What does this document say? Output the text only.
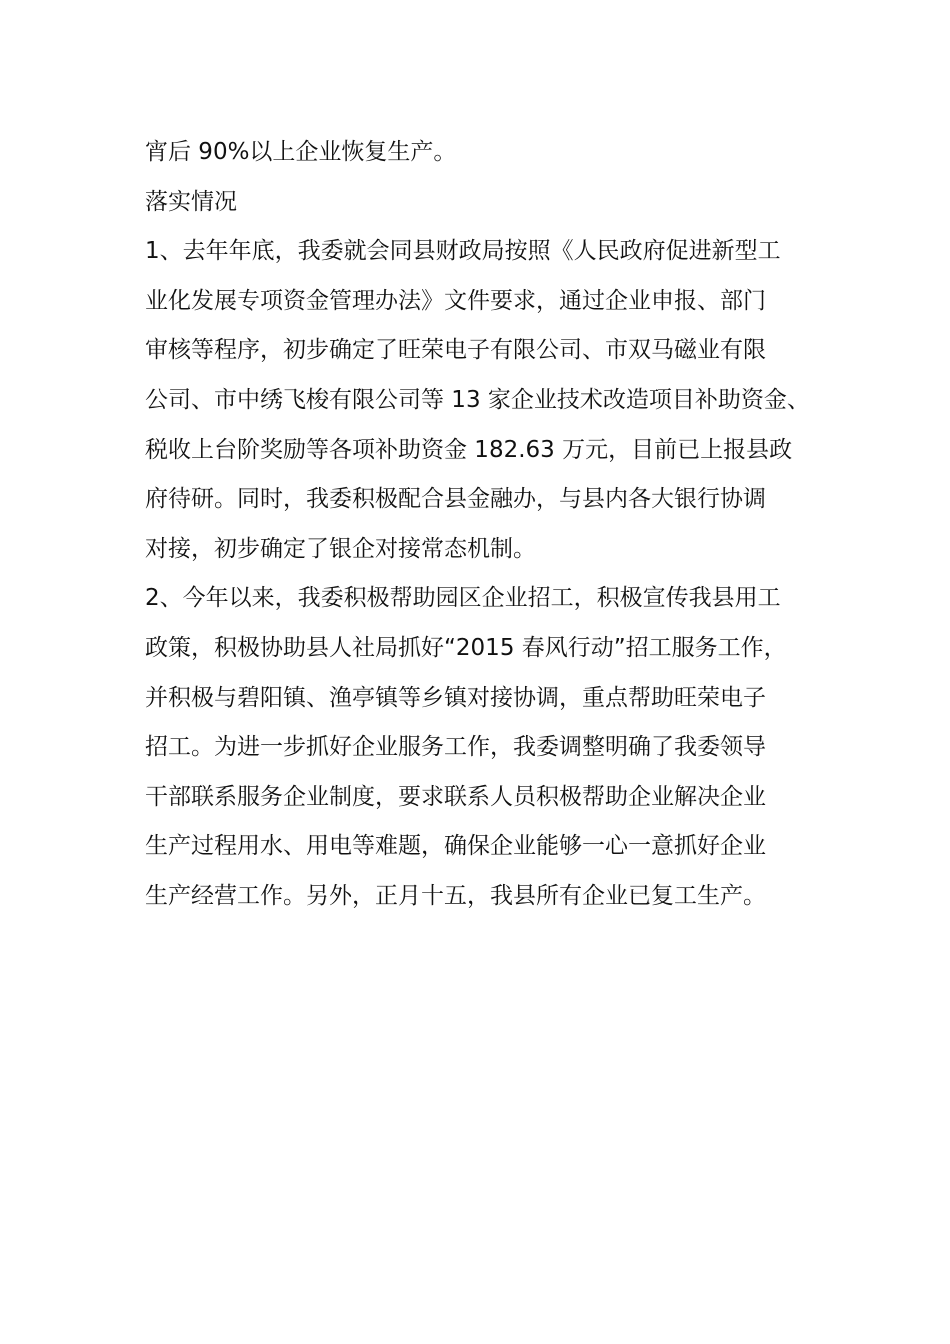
宵后 90%以上企业恢复生产。
落实情况
1、去年年底，我委就会同县财政局按照《人民政府促进新型工
业化发展专项资金管理办法》文件要求，通过企业申报、部门
审核等程序，初步确定了旺荣电子有限公司、市双马磁业有限
公司、市中绣飞梭有限公司等 13 家企业技术改造项目补助资金、
税收上台阶奖励等各项补助资金 182.63 万元，目前已上报县政
府待研。同时，我委积极配合县金融办，与县内各大银行协调
对接，初步确定了银企对接常态机制。
2、今年以来，我委积极帮助园区企业招工，积极宣传我县用工
政策，积极协助县人社局抓好“2015 春风行动”招工服务工作，
并积极与碧阳镇、渔亭镇等乡镇对接协调，重点帮助旺荣电子
招工。为进一步抓好企业服务工作，我委调整明确了我委领导
干部联系服务企业制度，要求联系人员积极帮助企业解决企业
生产过程用水、用电等难题，确保企业能够一心一意抓好企业
生产经营工作。另外，正月十五，我县所有企业已复工生产。
